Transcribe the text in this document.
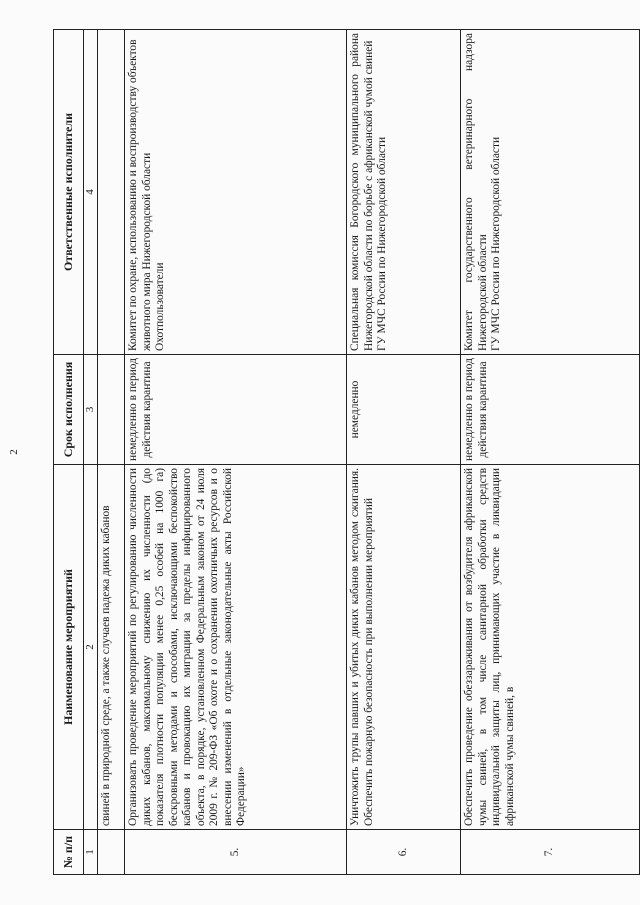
2
№ п/п	Наименование мероприятий	Срок исполнения	Ответственные исполнители
1	2	3	4
	свиней в природной среде, а также случаев падежа диких кабанов		
5.	Организовать проведение мероприятий по регулированию численности диких кабанов, максимальному снижению их численности (до показателя плотности популяции менее 0,25 особей на 1000 га) бескровными методами и способами, исключающими беспокойство кабанов и провокацию их миграции за пределы инфицированного объекта, в порядке, установленном Федеральным законом от 24 июля 2009 г. № 209-ФЗ «Об охоте и о сохранении охотничьих ресурсов и о внесении изменений в отдельные законодательные акты Российской Федерации»	немедленно в период действия карантина	Комитет по охране, использованию и воспроизводству объектов животного мира Нижегородской области Охотпользователи

6.	Уничтожить трупы павших и убитых диких кабанов методом сжигания. Обеспечить пожарную безопасность при выполнении мероприятий	немедленно	Специальная комиссия Богородского муниципального района Нижегородской области по борьбе с африканской чумой свиней ГУ МЧС России по Нижегородской области

7.	Обеспечить проведение обеззараживания от возбудителя африканской чумы свиней, в том числе санитарной обработки средств индивидуальной защиты лиц, принимающих участие в ликвидации африканской чумы свиней, в	немедленно в период действия карантина	Комитет государственного ветеринарного надзора Нижегородской области ГУ МЧС России по Нижегородской области
